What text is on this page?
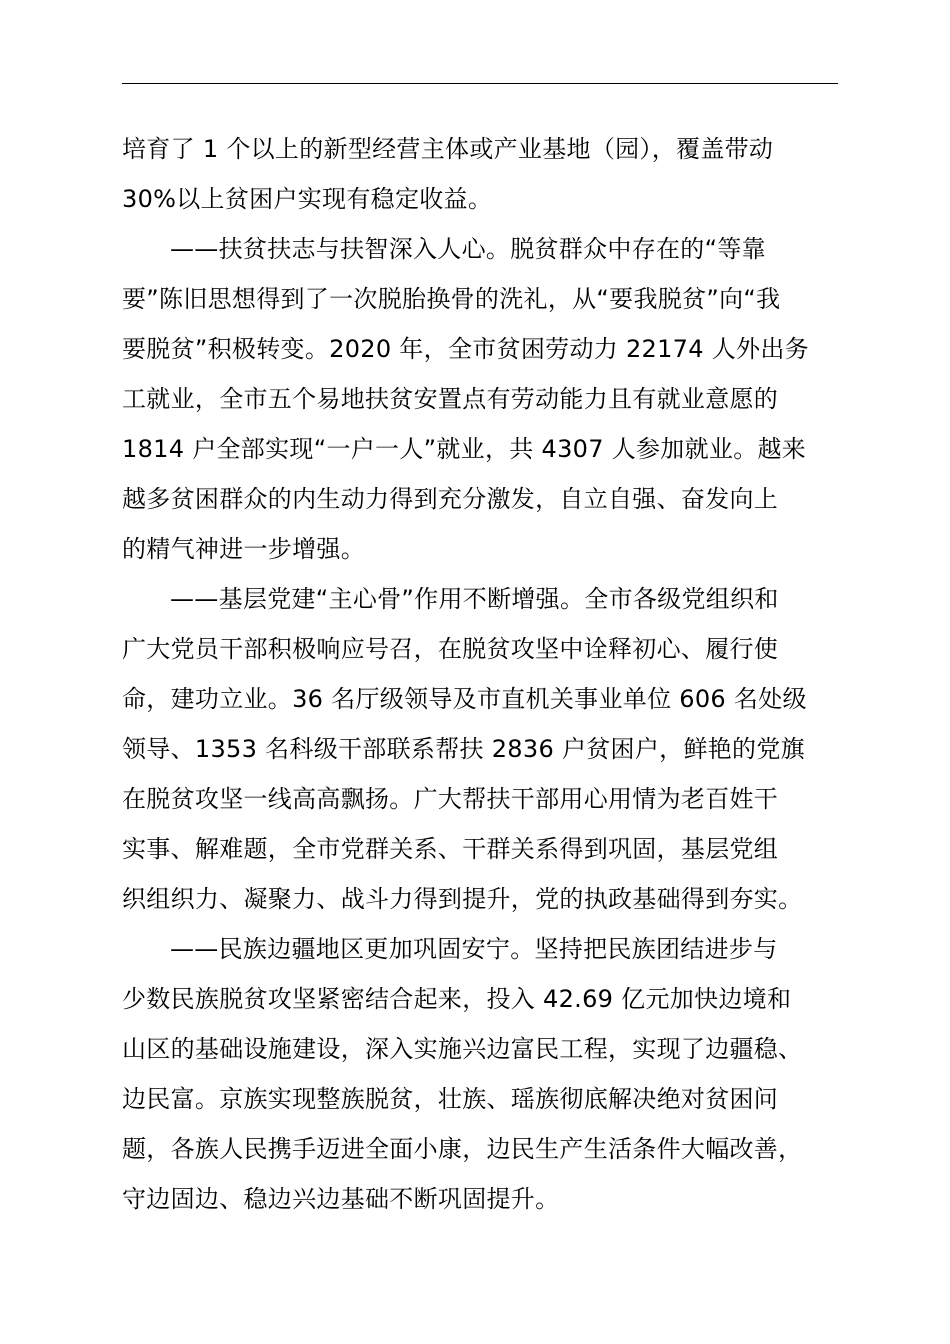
培育了 1 个以上的新型经营主体或产业基地（园），覆盖带动
30%以上贫困户实现有稳定收益。
——扶贫扶志与扶智深入人心。脱贫群众中存在的“等靠
要”陈旧思想得到了一次脱胎换骨的洗礼，从“要我脱贫”向“我
要脱贫”积极转变。2020 年，全市贫困劳动力 22174 人外出务
工就业，全市五个易地扶贫安置点有劳动能力且有就业意愿的
1814 户全部实现“一户一人”就业，共 4307 人参加就业。越来
越多贫困群众的内生动力得到充分激发，自立自强、奋发向上
的精气神进一步增强。
——基层党建“主心骨”作用不断增强。全市各级党组织和
广大党员干部积极响应号召，在脱贫攻坚中诠释初心、履行使
命，建功立业。36 名厅级领导及市直机关事业单位 606 名处级
领导、1353 名科级干部联系帮扶 2836 户贫困户，鲜艳的党旗
在脱贫攻坚一线高高飘扬。广大帮扶干部用心用情为老百姓干
实事、解难题，全市党群关系、干群关系得到巩固，基层党组
织组织力、凝聚力、战斗力得到提升，党的执政基础得到夯实。
——民族边疆地区更加巩固安宁。坚持把民族团结进步与
少数民族脱贫攻坚紧密结合起来，投入 42.69 亿元加快边境和
山区的基础设施建设，深入实施兴边富民工程，实现了边疆稳、
边民富。京族实现整族脱贫，壮族、瑶族彻底解决绝对贫困问
题，各族人民携手迈进全面小康，边民生产生活条件大幅改善，
守边固边、稳边兴边基础不断巩固提升。
